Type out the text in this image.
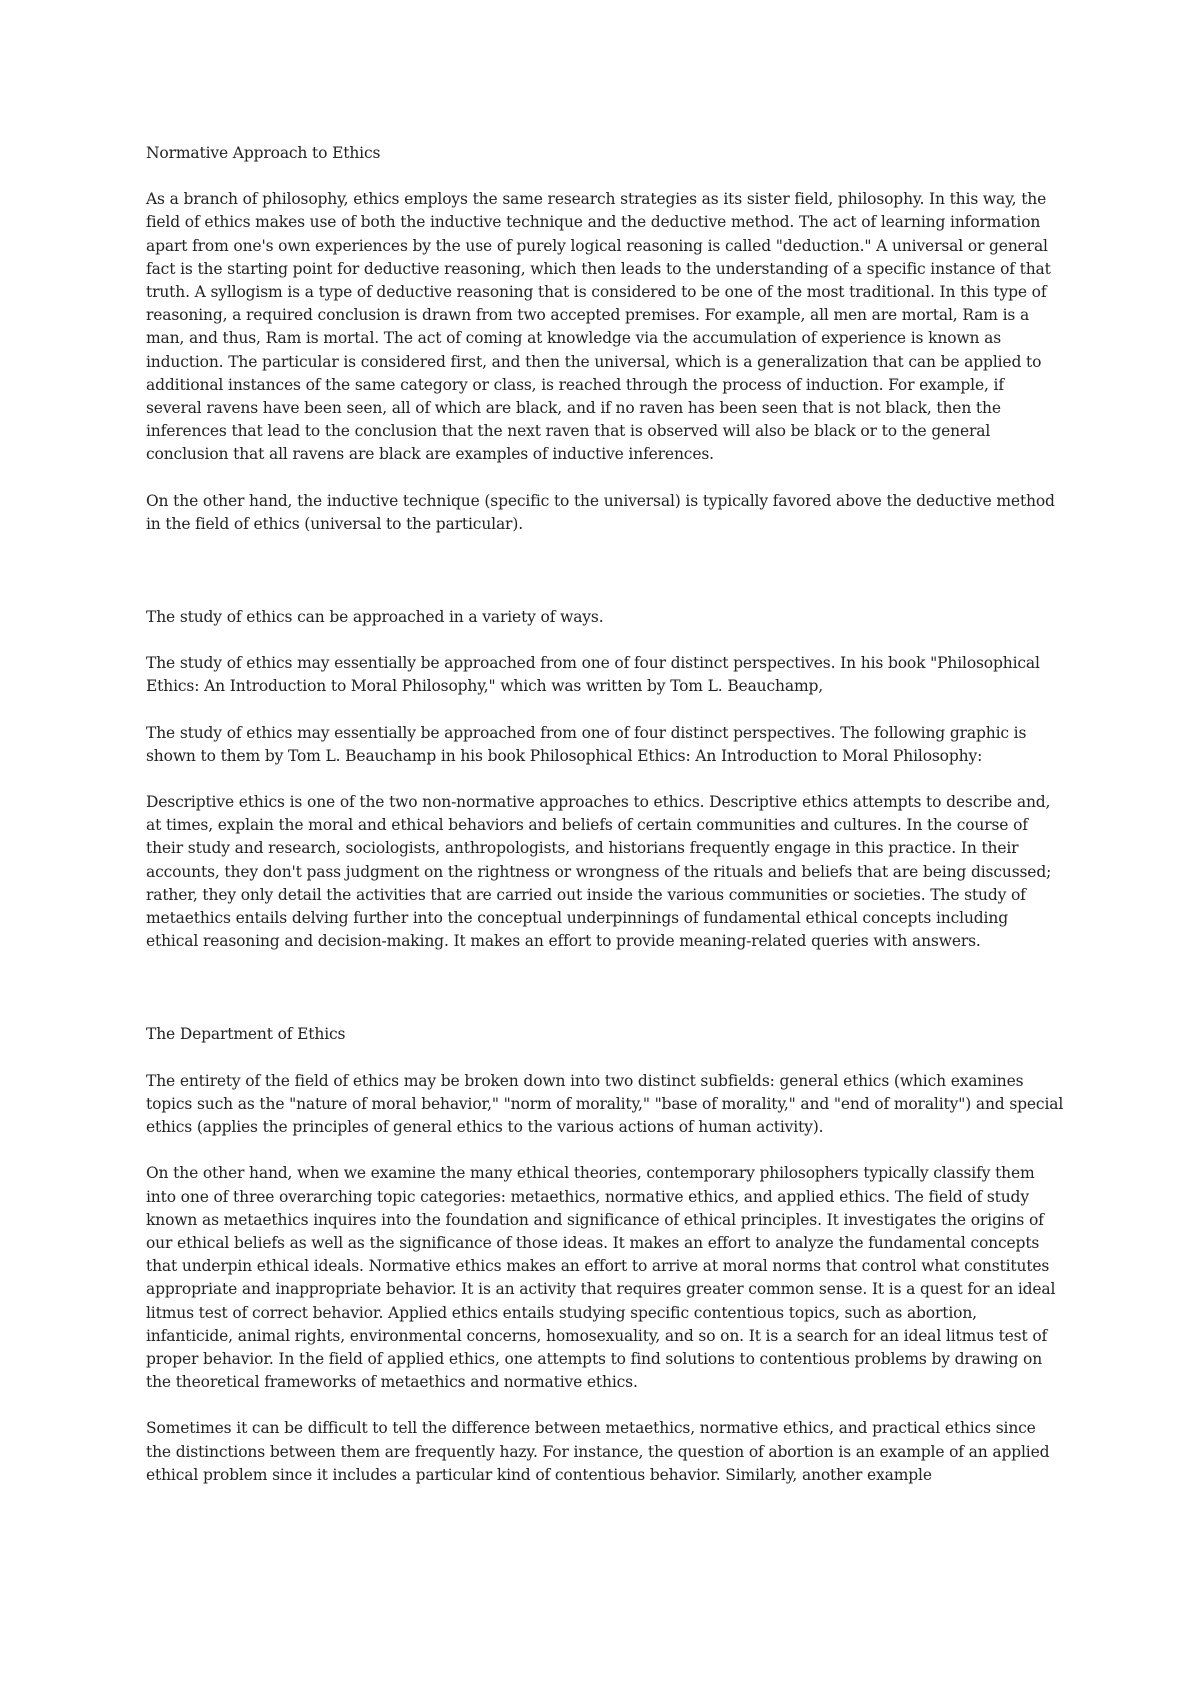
Normative Approach to Ethics

As a branch of philosophy, ethics employs the same research strategies as its sister field, philosophy. In this way, the field of ethics makes use of both the inductive technique and the deductive method. The act of learning information apart from one's own experiences by the use of purely logical reasoning is called "deduction." A universal or general fact is the starting point for deductive reasoning, which then leads to the understanding of a specific instance of that truth. A syllogism is a type of deductive reasoning that is considered to be one of the most traditional. In this type of reasoning, a required conclusion is drawn from two accepted premises. For example, all men are mortal, Ram is a man, and thus, Ram is mortal. The act of coming at knowledge via the accumulation of experience is known as induction. The particular is considered first, and then the universal, which is a generalization that can be applied to additional instances of the same category or class, is reached through the process of induction. For example, if several ravens have been seen, all of which are black, and if no raven has been seen that is not black, then the inferences that lead to the conclusion that the next raven that is observed will also be black or to the general conclusion that all ravens are black are examples of inductive inferences.

On the other hand, the inductive technique (specific to the universal) is typically favored above the deductive method in the field of ethics (universal to the particular).

The study of ethics can be approached in a variety of ways.

The study of ethics may essentially be approached from one of four distinct perspectives. In his book "Philosophical Ethics: An Introduction to Moral Philosophy," which was written by Tom L. Beauchamp,

The study of ethics may essentially be approached from one of four distinct perspectives. The following graphic is shown to them by Tom L. Beauchamp in his book Philosophical Ethics: An Introduction to Moral Philosophy:

Descriptive ethics is one of the two non-normative approaches to ethics. Descriptive ethics attempts to describe and, at times, explain the moral and ethical behaviors and beliefs of certain communities and cultures. In the course of their study and research, sociologists, anthropologists, and historians frequently engage in this practice. In their accounts, they don't pass judgment on the rightness or wrongness of the rituals and beliefs that are being discussed; rather, they only detail the activities that are carried out inside the various communities or societies. The study of metaethics entails delving further into the conceptual underpinnings of fundamental ethical concepts including ethical reasoning and decision-making. It makes an effort to provide meaning-related queries with answers.

The Department of Ethics

The entirety of the field of ethics may be broken down into two distinct subfields: general ethics (which examines topics such as the "nature of moral behavior," "norm of morality," "base of morality," and "end of morality") and special ethics (applies the principles of general ethics to the various actions of human activity).

On the other hand, when we examine the many ethical theories, contemporary philosophers typically classify them into one of three overarching topic categories: metaethics, normative ethics, and applied ethics. The field of study known as metaethics inquires into the foundation and significance of ethical principles. It investigates the origins of our ethical beliefs as well as the significance of those ideas. It makes an effort to analyze the fundamental concepts that underpin ethical ideals. Normative ethics makes an effort to arrive at moral norms that control what constitutes appropriate and inappropriate behavior. It is an activity that requires greater common sense. It is a quest for an ideal litmus test of correct behavior. Applied ethics entails studying specific contentious topics, such as abortion, infanticide, animal rights, environmental concerns, homosexuality, and so on. It is a search for an ideal litmus test of proper behavior. In the field of applied ethics, one attempts to find solutions to contentious problems by drawing on the theoretical frameworks of metaethics and normative ethics.

Sometimes it can be difficult to tell the difference between metaethics, normative ethics, and practical ethics since the distinctions between them are frequently hazy. For instance, the question of abortion is an example of an applied ethical problem since it includes a particular kind of contentious behavior. Similarly, another example
